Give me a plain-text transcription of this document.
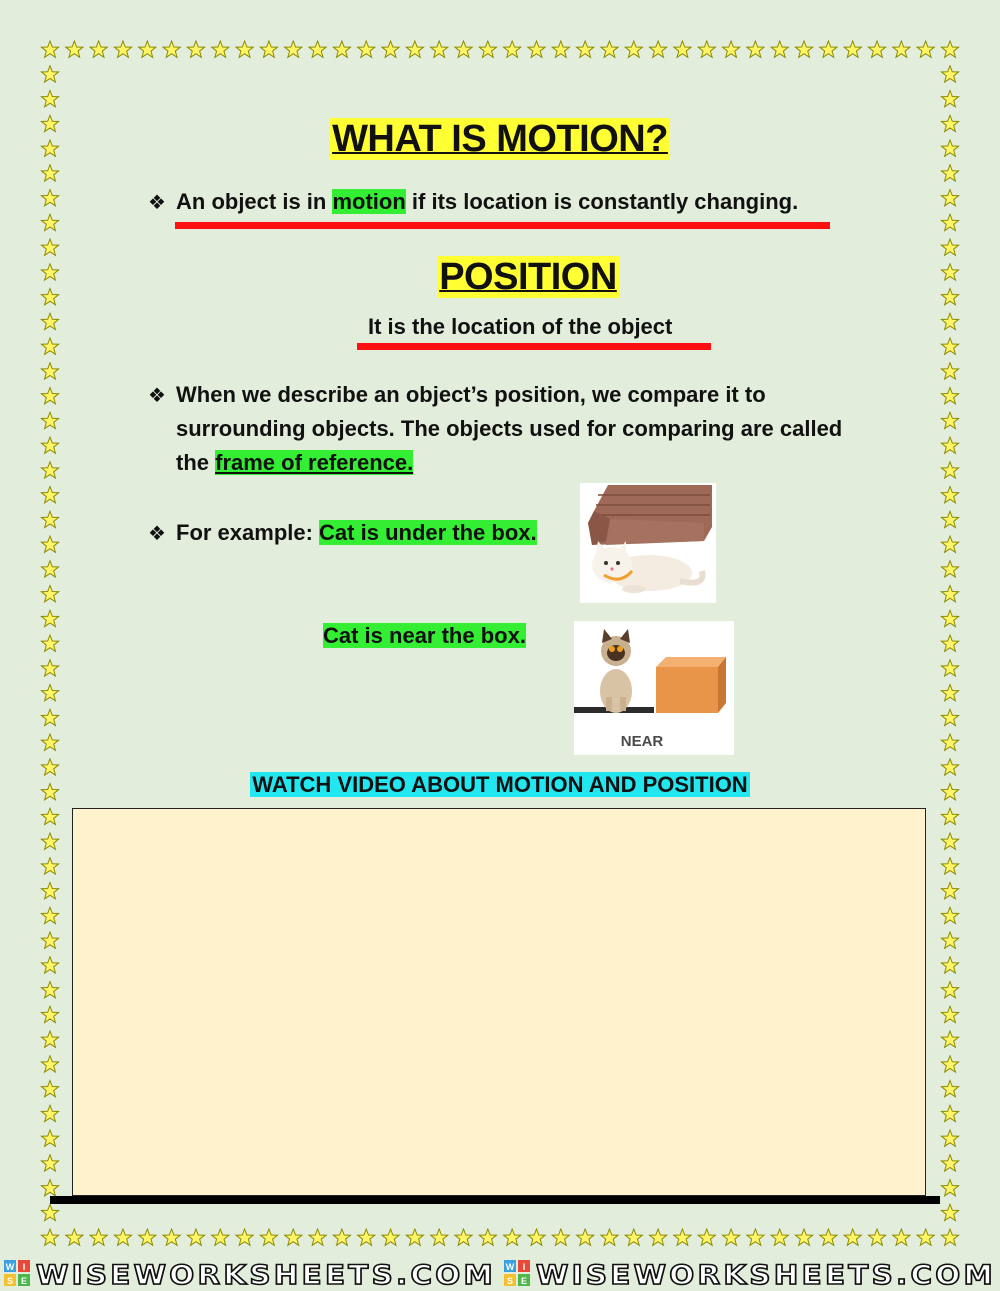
WHAT IS MOTION?
❖ An object is in motion if its location is constantly changing.
POSITION
It is the location of the object
❖ When we describe an object’s position, we compare it to
surrounding objects. The objects used for comparing are called
the frame of reference.
❖ For example: Cat is under the box.
Cat is near the box.
NEAR
WATCH VIDEO ABOUT MOTION AND POSITION
W I
S E WISEWORKSHEETS.COM W I
S E WISEWORKSHEETS.COM
